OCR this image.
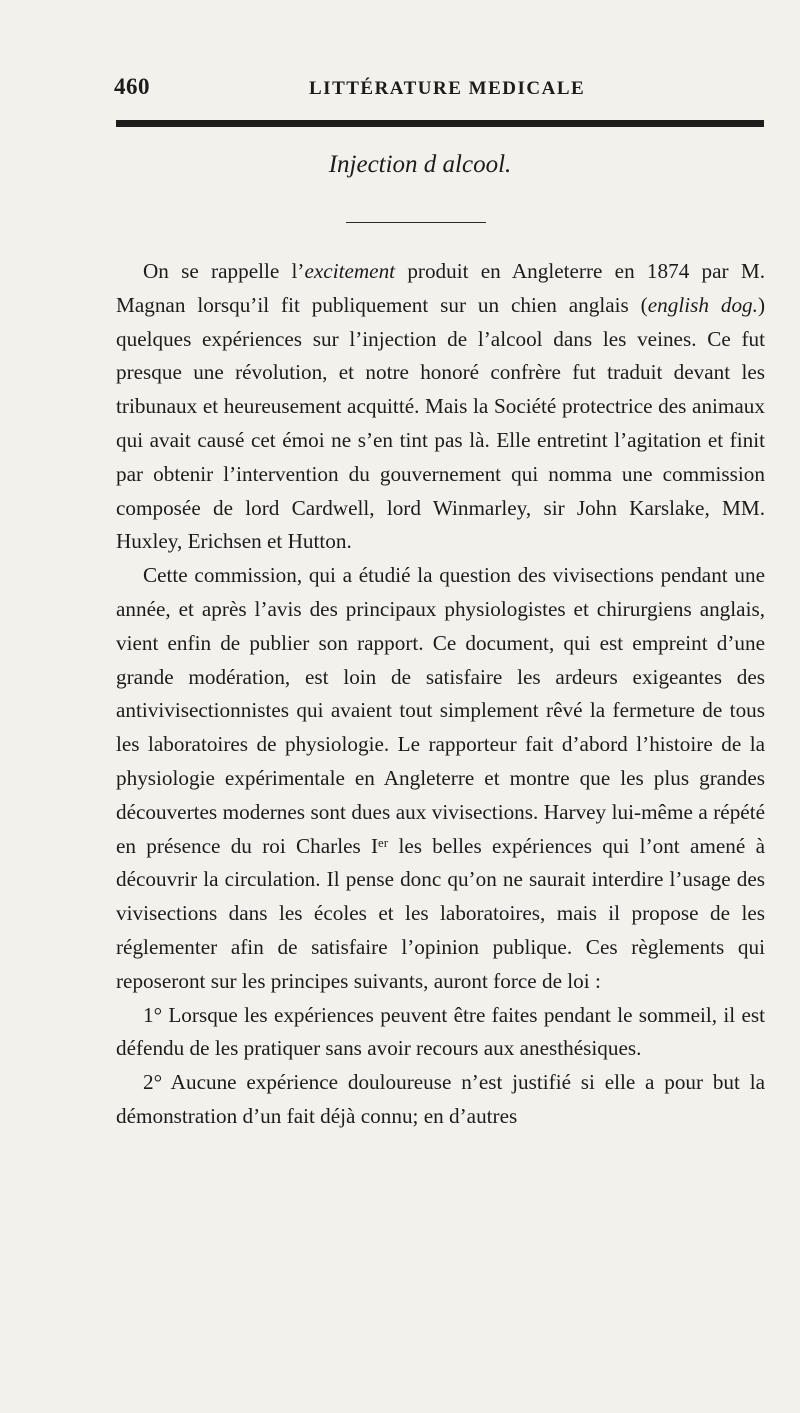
460	LITTÉRATURE MEDICALE
Injection d alcool.

On se rappelle l’excitement produit en Angleterre en 1874 par M. Magnan lorsqu’il fit publiquement sur un chien anglais (english dog.) quelques expériences sur l’injection de l’alcool dans les veines. Ce fut presque une révolution, et notre honoré confrère fut traduit devant les tribunaux et heureusement acquitté. Mais la Société protectrice des animaux qui avait causé cet émoi ne s’en tint pas là. Elle entretint l’agitation et finit par obtenir l’intervention du gouvernement qui nomma une commission composée de lord Cardwell, lord Winmarley, sir John Karslake, MM. Huxley, Erichsen et Hutton.

Cette commission, qui a étudié la question des vivisections pendant une année, et après l’avis des principaux physiologistes et chirurgiens anglais, vient enfin de publier son rapport. Ce document, qui est empreint d’une grande modération, est loin de satisfaire les ardeurs exigeantes des antivivisectionnistes qui avaient tout simplement rêvé la fermeture de tous les laboratoires de physiologie. Le rapporteur fait d’abord l’histoire de la physiologie expérimentale en Angleterre et montre que les plus grandes découvertes modernes sont dues aux vivisections. Harvey lui-même a répété en présence du roi Charles Iᵉʳ les belles expériences qui l’ont amené à découvrir la circulation. Il pense donc qu’on ne saurait interdire l’usage des vivisections dans les écoles et les laboratoires, mais il propose de les réglementer afin de satisfaire l’opinion publique. Ces règlements qui reposeront sur les principes suivants, auront force de loi :

1° Lorsque les expériences peuvent être faites pendant le sommeil, il est défendu de les pratiquer sans avoir recours aux anesthésiques.

2° Aucune expérience douloureuse n’est justifié si elle a pour but la démonstration d’un fait déjà connu; en d’autres
